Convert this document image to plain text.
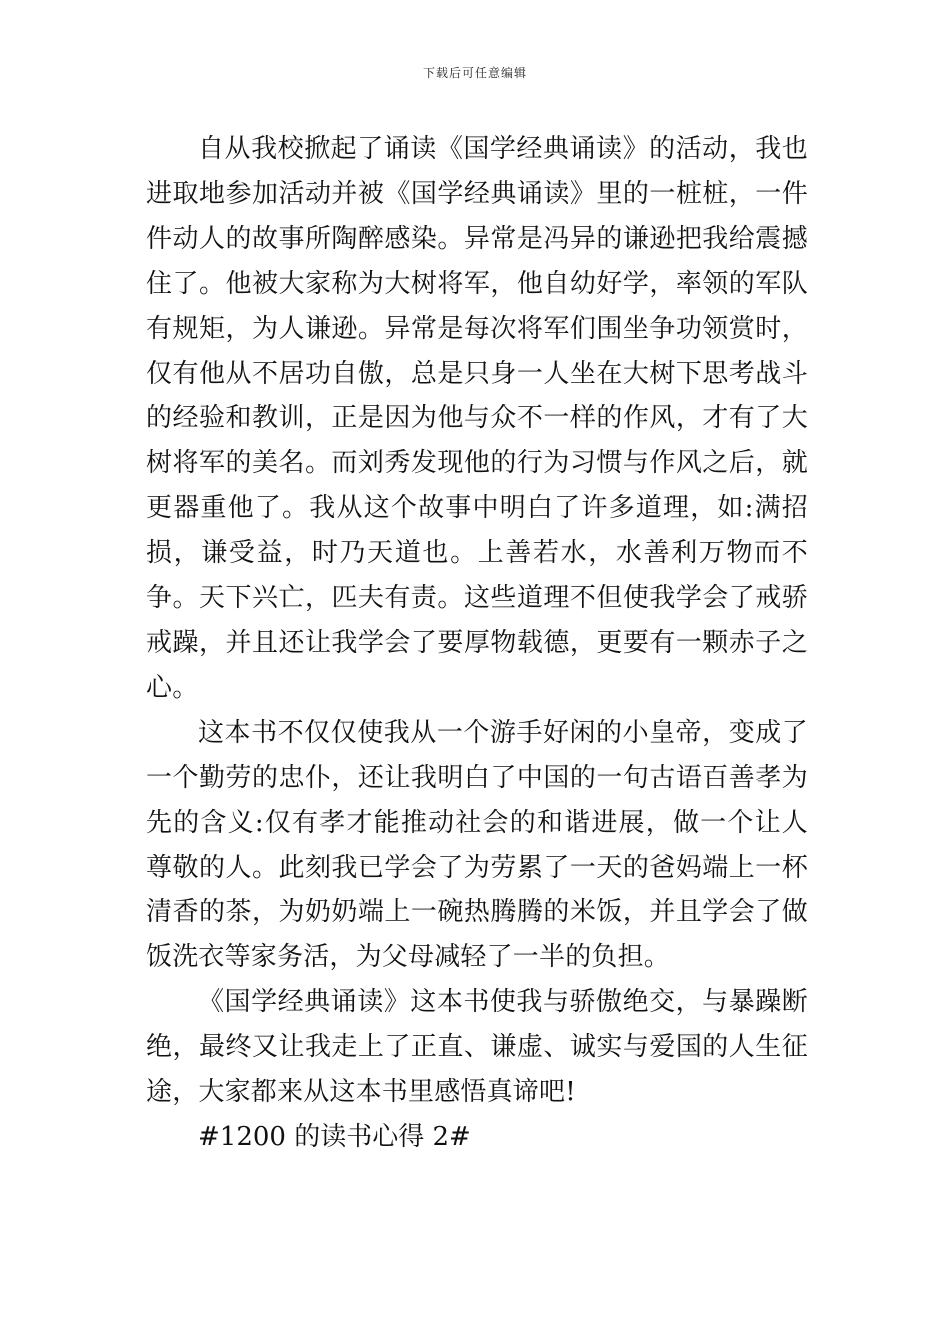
下载后可任意编辑

自从我校掀起了诵读《国学经典诵读》的活动，我也进取地参加活动并被《国学经典诵读》里的一桩桩，一件件动人的故事所陶醉感染。异常是冯异的谦逊把我给震撼住了。他被大家称为大树将军，他自幼好学，率领的军队有规矩，为人谦逊。异常是每次将军们围坐争功领赏时，仅有他从不居功自傲，总是只身一人坐在大树下思考战斗的经验和教训，正是因为他与众不一样的作风，才有了大树将军的美名。而刘秀发现他的行为习惯与作风之后，就更器重他了。我从这个故事中明白了许多道理，如:满招损，谦受益，时乃天道也。上善若水，水善利万物而不争。天下兴亡，匹夫有责。这些道理不但使我学会了戒骄戒躁，并且还让我学会了要厚物载德，更要有一颗赤子之心。

这本书不仅仅使我从一个游手好闲的小皇帝，变成了一个勤劳的忠仆，还让我明白了中国的一句古语百善孝为先的含义:仅有孝才能推动社会的和谐进展，做一个让人尊敬的人。此刻我已学会了为劳累了一天的爸妈端上一杯清香的茶，为奶奶端上一碗热腾腾的米饭，并且学会了做饭洗衣等家务活，为父母减轻了一半的负担。

《国学经典诵读》这本书使我与骄傲绝交，与暴躁断绝，最终又让我走上了正直、谦虚、诚实与爱国的人生征途，大家都来从这本书里感悟真谛吧!

#1200 的读书心得 2#
